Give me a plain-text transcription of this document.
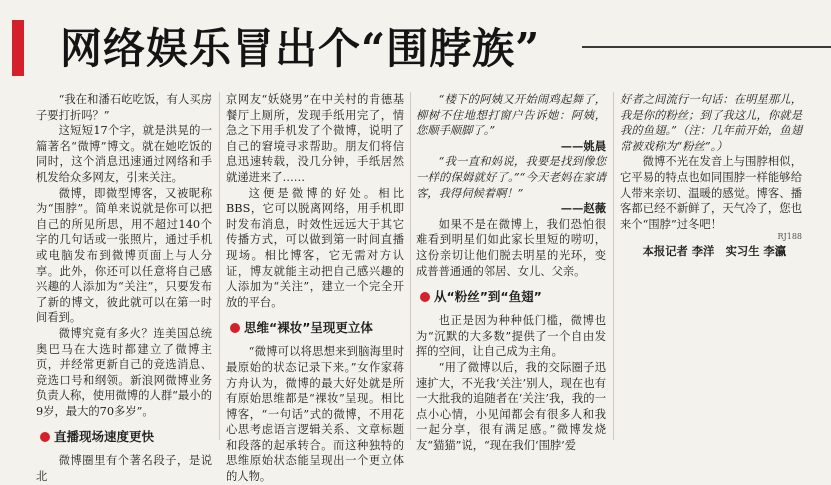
网络娱乐冒出个“围脖族”

“我在和潘石屹吃饭，有人买房子要打折吗？”

这短短17个字，就是洪晃的一篇著名“微博”博文。就在她吃饭的同时，这个消息迅速通过网络和手机发给众多网友，引来关注。

微博，即微型博客，又被昵称为“围脖”。简单来说就是你可以把自己的所见所思，用不超过140个字的几句话或一张照片，通过手机或电脑发布到微博页面上与人分享。此外，你还可以任意将自己感兴趣的人添加为“关注”，只要发布了新的博文，彼此就可以在第一时间看到。

微博究竟有多火？连美国总统奥巴马在大选时都建立了微博主页，并经常更新自己的竞选消息、竞选口号和纲领。新浪网微博业务负责人称，使用微博的人群“最小的9岁，最大的70多岁”。

直播现场速度更快

微博圈里有个著名段子，是说北

京网友“妖娆男”在中关村的肯德基餐厅上厕所，发现手纸用完了，情急之下用手机发了个微博，说明了自己的窘境寻求帮助。朋友们将信息迅速转载，没几分钟，手纸居然就递进来了……

这便是微博的好处。相比BBS，它可以脱离网络，用手机即时发布消息，时效性远远大于其它传播方式，可以做到第一时间直播现场。相比博客，它无需对方认证，博友就能主动把自己感兴趣的人添加为“关注”，建立一个完全开放的平台。

思维“裸妆”呈现更立体

“微博可以将思想来到脑海里时最原始的状态记录下来。”女作家蒋方舟认为，微博的最大好处就是所有原始思维都是“裸妆”呈现。相比博客，“一句话”式的微博，不用花心思考虑语言逻辑关系、文章标题和段落的起承转合。而这种独特的思维原始状态能呈现出一个更立体的人物。

“楼下的阿姨又开始闹鸡起舞了，柳树不住地想打窗户告诉她：阿姨，您顺手顺脚了。”

——姚晨

“我一直和妈说，我要是找到像您一样的保姆就好了。”“今天老妈在家请客，我得伺候着啊！”

——赵薇

如果不是在微博上，我们恐怕很难看到明星们如此家长里短的唠叨，这份亲切让他们脱去明星的光环，变成普普通通的邻居、女儿、父亲。

从“粉丝”到“鱼翅”

也正是因为种种低门槛，微博也为“沉默的大多数”提供了一个自由发挥的空间，让自己成为主角。

“用了微博以后，我的交际圈子迅速扩大，不光我‘关注’别人，现在也有一大批我的追随者在‘关注’我，我的一点小心情，小见闻都会有很多人和我一起分享，很有满足感。”微博发烧友“猫猫”说，“现在我们‘围脖’爱

好者之间流行一句话：在明星那儿，我是你的粉丝；到了我这儿，你就是我的鱼翅。”（注：几年前开始，鱼翅常被戏称为“粉丝”。）

微博不光在发音上与围脖相似，它平易的特点也如同围脖一样能够给人带来亲切、温暖的感觉。博客、播客都已经不新鲜了，天气冷了，您也来个“围脖”过冬吧！

RJ188

本报记者 李洋　实习生 李瀛
